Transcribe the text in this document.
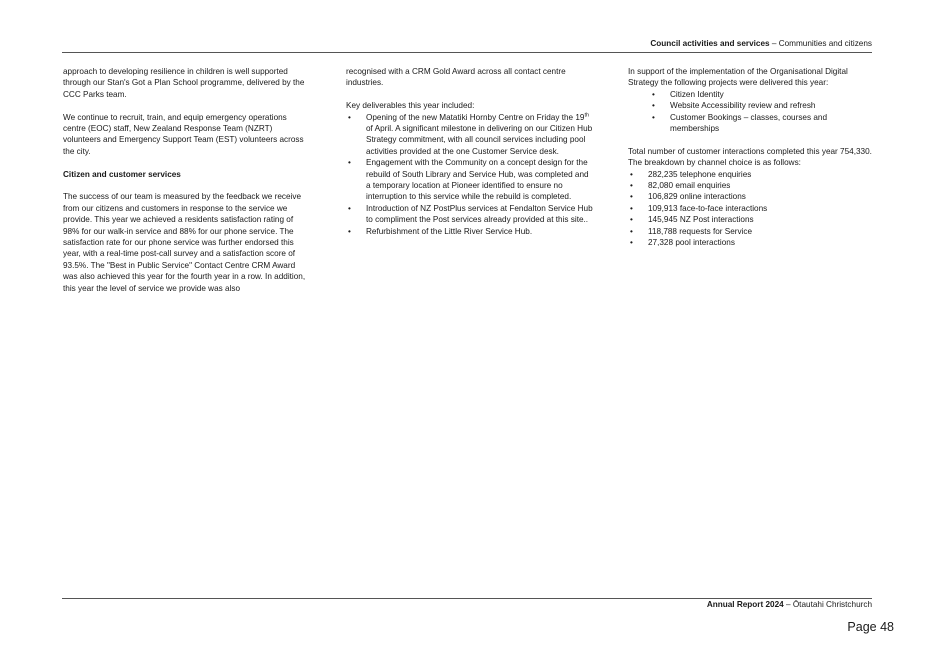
Council activities and services – Communities and citizens

approach to developing resilience in children is well supported through our Stan's Got a Plan School programme, delivered by the CCC Parks team.

We continue to recruit, train, and equip emergency operations centre (EOC) staff, New Zealand Response Team (NZRT) volunteers and Emergency Support Team (EST) volunteers across the city.

Citizen and customer services

The success of our team is measured by the feedback we receive from our citizens and customers in response to the service we provide. This year we achieved a residents satisfaction rating of 98% for our walk-in service and 88% for our phone service. The satisfaction rate for our phone service was further endorsed this year, with a real-time post-call survey and a satisfaction score of 93.5%. The "Best in Public Service" Contact Centre CRM Award was also achieved this year for the fourth year in a row. In addition, this year the level of service we provide was also

recognised with a CRM Gold Award across all contact centre industries.

Key deliverables this year included:

• Opening of the new Matatiki Hornby Centre on Friday the 19th of April. A significant milestone in delivering on our Citizen Hub Strategy commitment, with all council services including pool activities provided at the one Customer Service desk.
• Engagement with the Community on a concept design for the rebuild of South Library and Service Hub, was completed and a temporary location at Pioneer identified to ensure no interruption to this service while the rebuild is completed.
• Introduction of NZ PostPlus services at Fendalton Service Hub to compliment the Post services already provided at this site..
• Refurbishment of the Little River Service Hub.

In support of the implementation of the Organisational Digital Strategy the following projects were delivered this year:

• Citizen Identity
• Website Accessibility review and refresh
• Customer Bookings – classes, courses and memberships

Total number of customer interactions completed this year 754,330. The breakdown by channel choice is as follows:

• 282,235 telephone enquiries
• 82,080 email enquiries
• 106,829 online interactions
• 109,913 face-to-face interactions
• 145,945 NZ Post interactions
• 118,788 requests for Service
• 27,328 pool interactions
Annual Report 2024 – Ōtautahi Christchurch
Page 48
